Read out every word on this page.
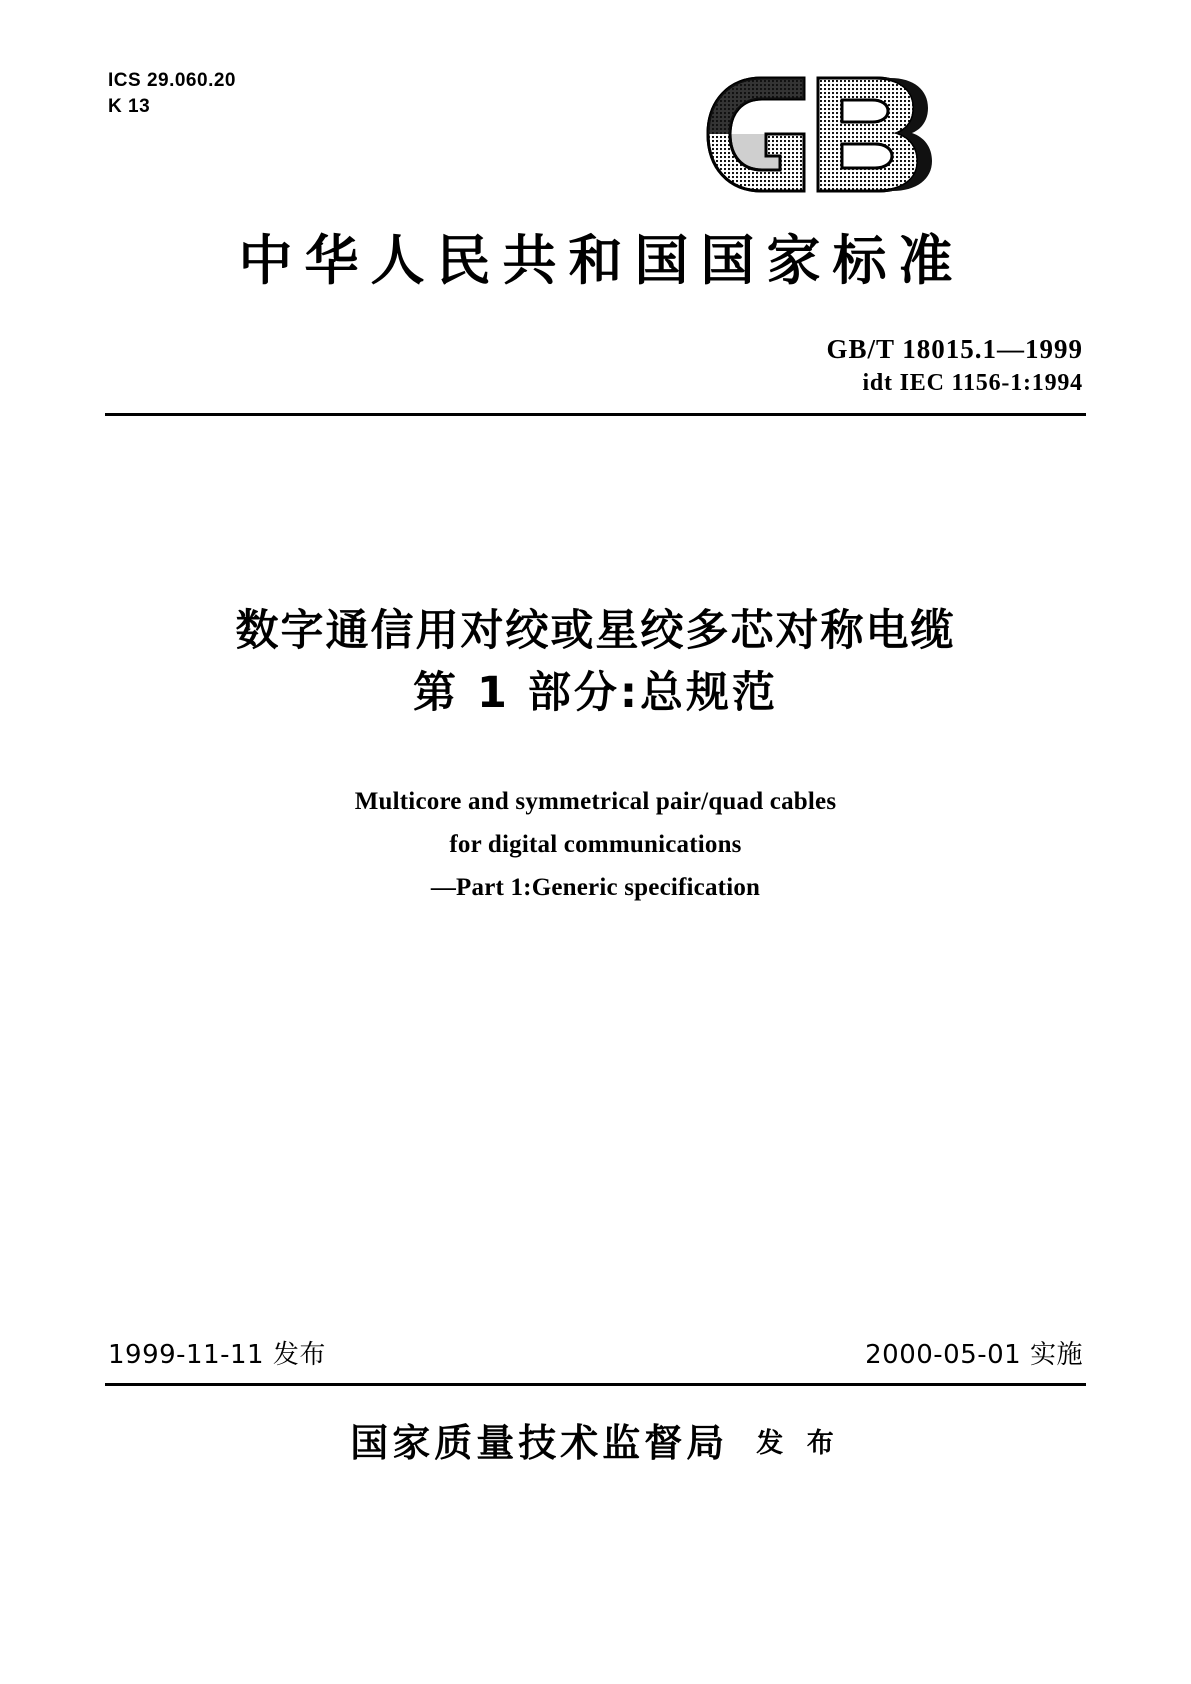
ICS 29.060.20
K 13
中华人民共和国国家标准
GB/T 18015.1—1999
idt IEC 1156-1:1994
数字通信用对绞或星绞多芯对称电缆
第 1 部分:总规范
Multicore and symmetrical pair/quad cables
for digital communications
—Part 1:Generic specification
1999-11-11 发布	2000-05-01 实施
国家质量技术监督局 发 布
